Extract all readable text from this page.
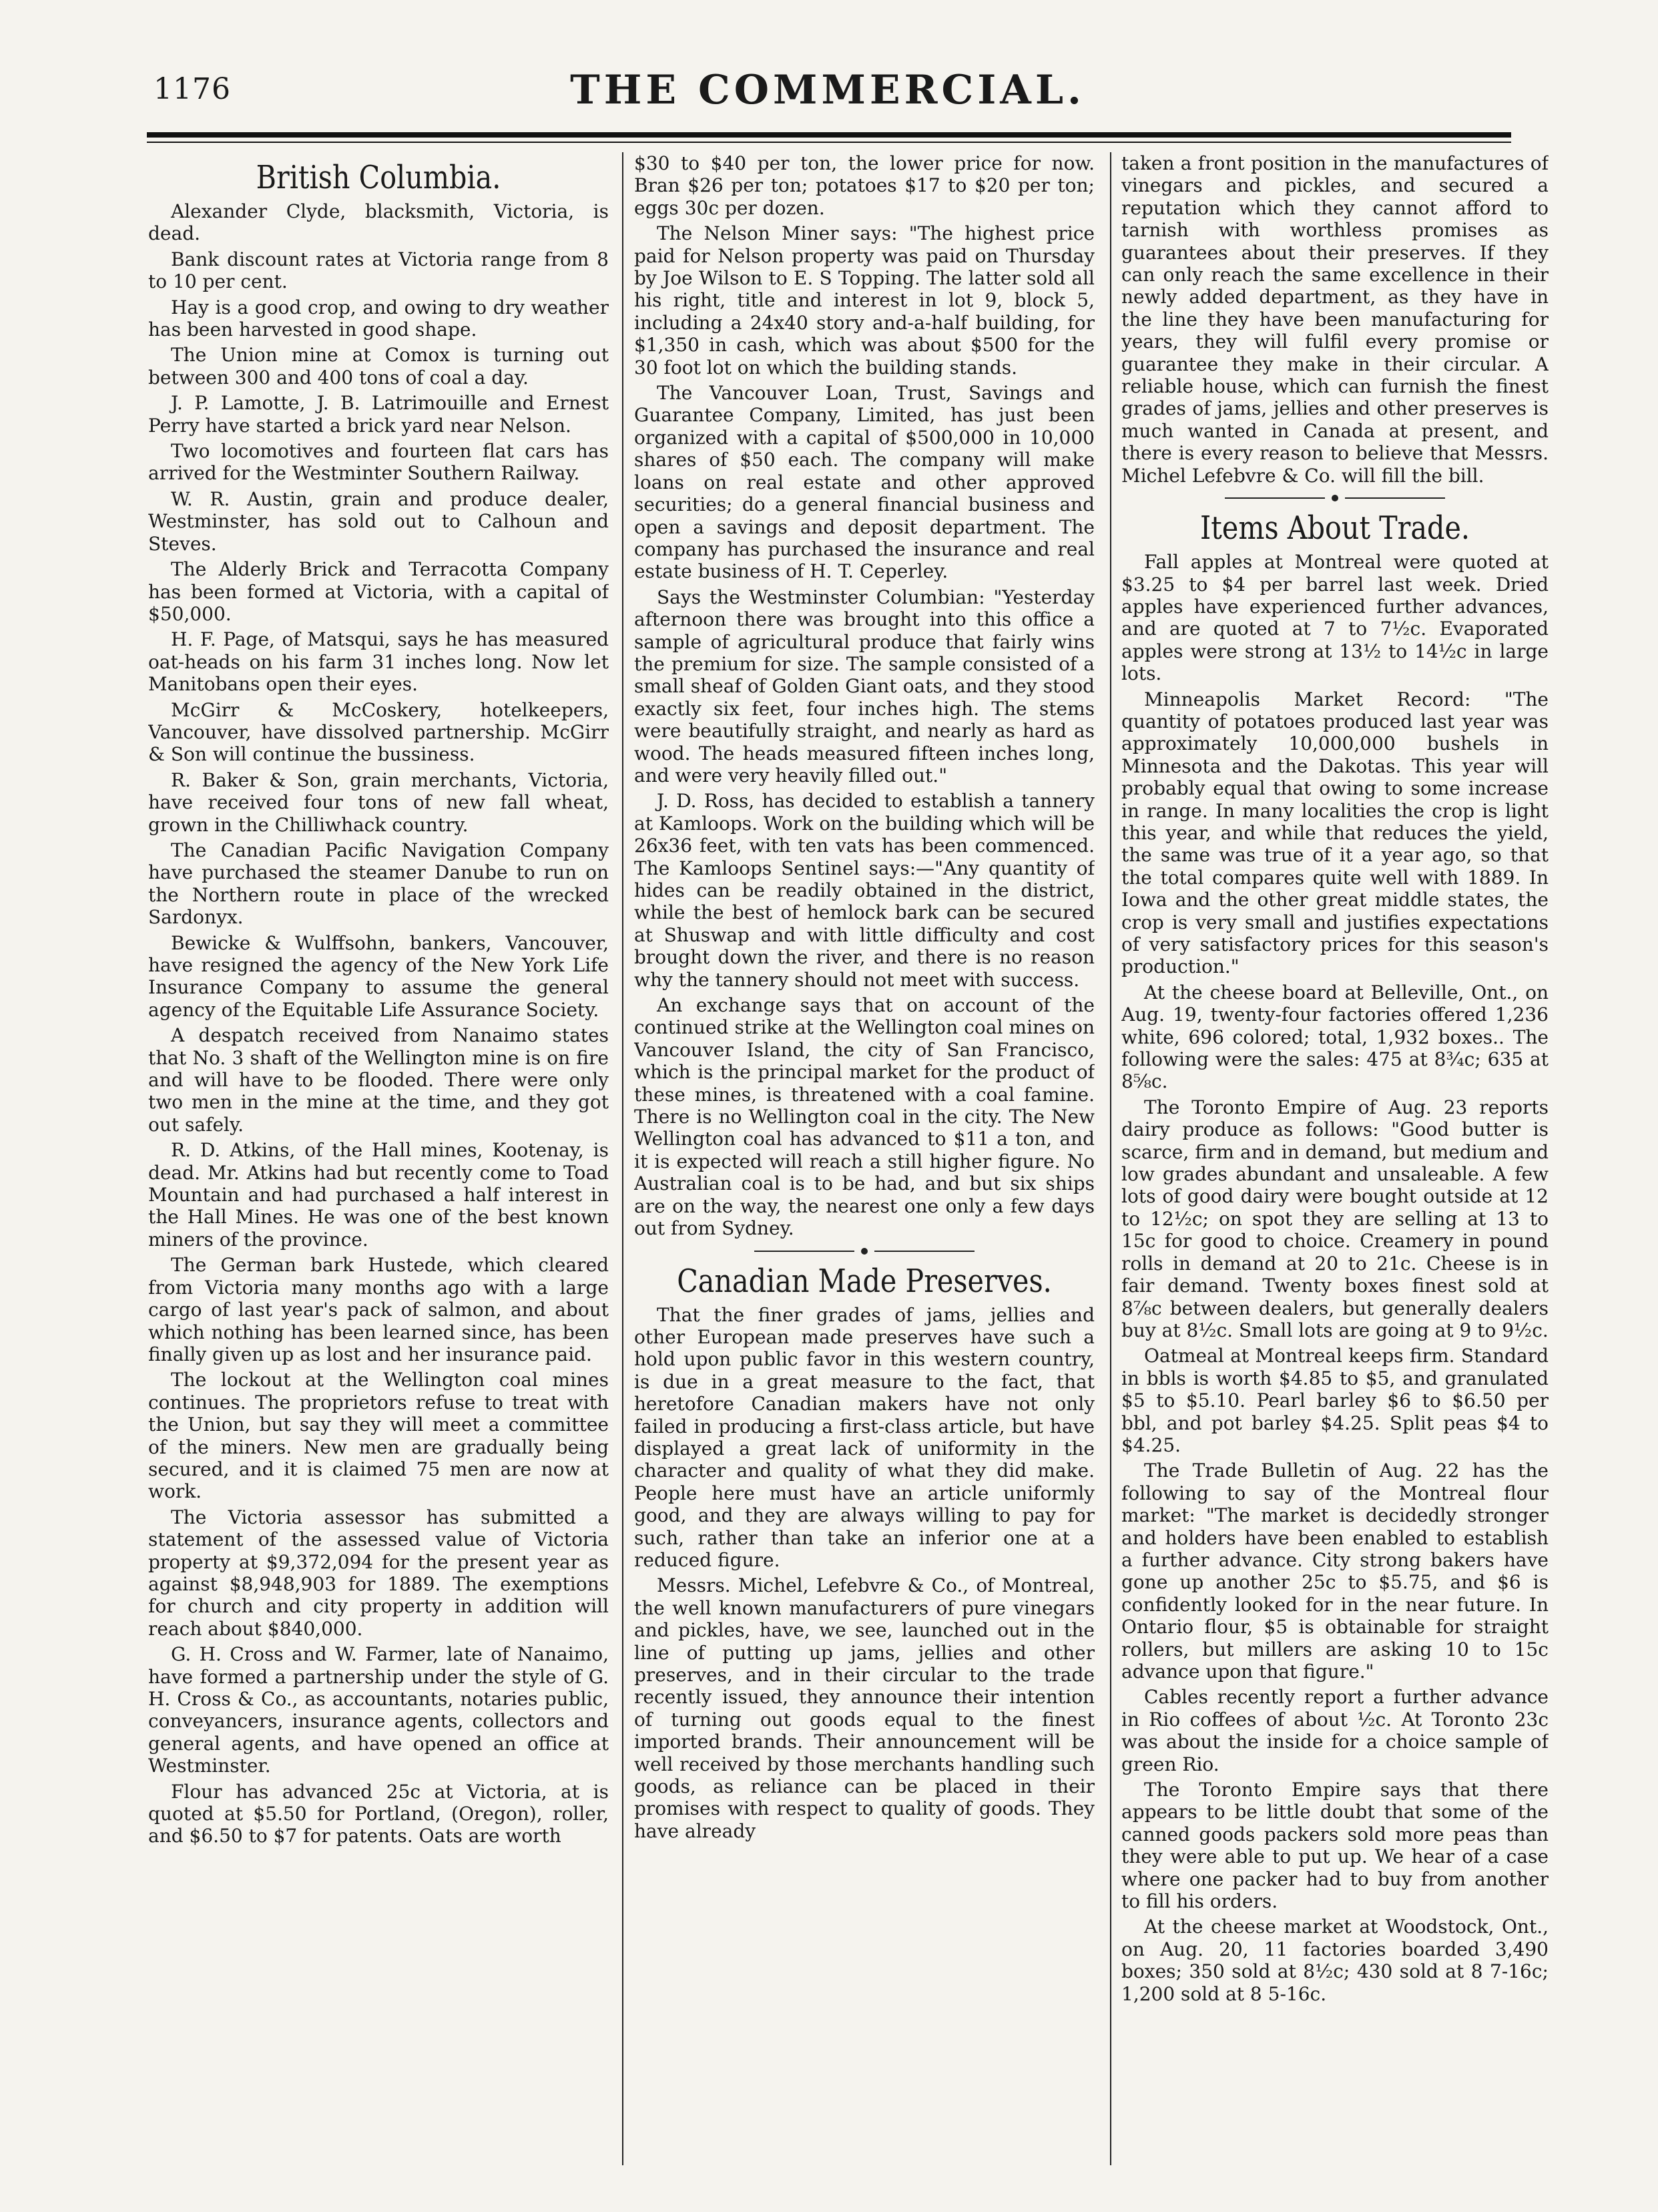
1176	THE COMMERCIAL.
British Columbia.

Alexander Clyde, blacksmith, Victoria, is dead.

Bank discount rates at Victoria range from 8 to 10 per cent.

Hay is a good crop, and owing to dry weather has been harvested in good shape.

The Union mine at Comox is turning out between 300 and 400 tons of coal a day.

J. P. Lamotte, J. B. Latrimouille and Ernest Perry have started a brick yard near Nelson.

Two locomotives and fourteen flat cars has arrived for the Westminter Southern Railway.

W. R. Austin, grain and produce dealer, Westminster, has sold out to Calhoun and Steves.

The Alderly Brick and Terracotta Company has been formed at Victoria, with a capital of $50,000.

H. F. Page, of Matsqui, says he has measured oat-heads on his farm 31 inches long. Now let Manitobans open their eyes.

McGirr & McCoskery, hotelkeepers, Vancouver, have dissolved partnership. McGirr & Son will continue the bussiness.

R. Baker & Son, grain merchants, Victoria, have received four tons of new fall wheat, grown in the Chilliwhack country.

The Canadian Pacific Navigation Company have purchased the steamer Danube to run on the Northern route in place of the wrecked Sardonyx.

Bewicke & Wulffsohn, bankers, Vancouver, have resigned the agency of the New York Life Insurance Company to assume the general agency of the Equitable Life Assurance Society.

A despatch received from Nanaimo states that No. 3 shaft of the Wellington mine is on fire and will have to be flooded. There were only two men in the mine at the time, and they got out safely.

R. D. Atkins, of the Hall mines, Kootenay, is dead. Mr. Atkins had but recently come to Toad Mountain and had purchased a half interest in the Hall Mines. He was one of the best known miners of the province.

The German bark Hustede, which cleared from Victoria many months ago with a large cargo of last year's pack of salmon, and about which nothing has been learned since, has been finally given up as lost and her insurance paid.

The lockout at the Wellington coal mines continues. The proprietors refuse to treat with the Union, but say they will meet a committee of the miners. New men are gradually being secured, and it is claimed 75 men are now at work.

The Victoria assessor has submitted a statement of the assessed value of Victoria property at $9,372,094 for the present year as against $8,948,903 for 1889. The exemptions for church and city property in addition will reach about $840,000.

G. H. Cross and W. Farmer, late of Nanaimo, have formed a partnership under the style of G. H. Cross & Co., as accountants, notaries public, conveyancers, insurance agents, collectors and general agents, and have opened an office at Westminster.

Flour has advanced 25c at Victoria, at is quoted at $5.50 for Portland, (Oregon), roller, and $6.50 to $7 for patents. Oats are worth

$30 to $40 per ton, the lower price for now. Bran $26 per ton; potatoes $17 to $20 per ton; eggs 30c per dozen.

The Nelson Miner says: "The highest price paid for Nelson property was paid on Thursday by Joe Wilson to E. S Topping. The latter sold all his right, title and interest in lot 9, block 5, including a 24x40 story and-a-half building, for $1,350 in cash, which was about $500 for the 30 foot lot on which the building stands.

The Vancouver Loan, Trust, Savings and Guarantee Company, Limited, has just been organized with a capital of $500,000 in 10,000 shares of $50 each. The company will make loans on real estate and other approved securities; do a general financial business and open a savings and deposit department. The company has purchased the insurance and real estate business of H. T. Ceperley.

Says the Westminster Columbian: "Yesterday afternoon there was brought into this office a sample of agricultural produce that fairly wins the premium for size. The sample consisted of a small sheaf of Golden Giant oats, and they stood exactly six feet, four inches high. The stems were beautifully straight, and nearly as hard as wood. The heads measured fifteen inches long, and were very heavily filled out."

J. D. Ross, has decided to establish a tannery at Kamloops. Work on the building which will be 26x36 feet, with ten vats has been commenced. The Kamloops Sentinel says:—"Any quantity of hides can be readily obtained in the district, while the best of hemlock bark can be secured at Shuswap and with little difficulty and cost brought down the river, and there is no reason why the tannery should not meet with success.

An exchange says that on account of the continued strike at the Wellington coal mines on Vancouver Island, the city of San Francisco, which is the principal market for the product of these mines, is threatened with a coal famine. There is no Wellington coal in the city. The New Wellington coal has advanced to $11 a ton, and it is expected will reach a still higher figure. No Australian coal is to be had, and but six ships are on the way, the nearest one only a few days out from Sydney.

Canadian Made Preserves.

That the finer grades of jams, jellies and other European made preserves have such a hold upon public favor in this western country, is due in a great measure to the fact, that heretofore Canadian makers have not only failed in producing a first-class article, but have displayed a great lack of uniformity in the character and quality of what they did make. People here must have an article uniformly good, and they are always willing to pay for such, rather than take an inferior one at a reduced figure.

Messrs. Michel, Lefebvre & Co., of Montreal, the well known manufacturers of pure vinegars and pickles, have, we see, launched out in the line of putting up jams, jellies and other preserves, and in their circular to the trade recently issued, they announce their intention of turning out goods equal to the finest imported brands. Their announcement will be well received by those merchants handling such goods, as reliance can be placed in their promises with respect to quality of goods. They have already

taken a front position in the manufactures of vinegars and pickles, and secured a reputation which they cannot afford to tarnish with worthless promises as guarantees about their preserves. If they can only reach the same excellence in their newly added department, as they have in the line they have been manufacturing for years, they will fulfil every promise or guarantee they make in their circular. A reliable house, which can furnish the finest grades of jams, jellies and other preserves is much wanted in Canada at present, and there is every reason to believe that Messrs. Michel Lefebvre & Co. will fill the bill.

Items About Trade.

Fall apples at Montreal were quoted at $3.25 to $4 per barrel last week. Dried apples have experienced further advances, and are quoted at 7 to 7½c. Evaporated apples were strong at 13½ to 14½c in large lots.

Minneapolis Market Record: "The quantity of potatoes produced last year was approximately 10,000,000 bushels in Minnesota and the Dakotas. This year will probably equal that owing to some increase in range. In many localities the crop is light this year, and while that reduces the yield, the same was true of it a year ago, so that the total compares quite well with 1889. In Iowa and the other great middle states, the crop is very small and justifies expectations of very satisfactory prices for this season's production."

At the cheese board at Belleville, Ont., on Aug. 19, twenty-four factories offered 1,236 white, 696 colored; total, 1,932 boxes.. The following were the sales: 475 at 8¾c; 635 at 8⅝c.

The Toronto Empire of Aug. 23 reports dairy produce as follows: "Good butter is scarce, firm and in demand, but medium and low grades abundant and unsaleable. A few lots of good dairy were bought outside at 12 to 12½c; on spot they are selling at 13 to 15c for good to choice. Creamery in pound rolls in demand at 20 to 21c. Cheese is in fair demand. Twenty boxes finest sold at 8⅞c between dealers, but generally dealers buy at 8½c. Small lots are going at 9 to 9½c.

Oatmeal at Montreal keeps firm. Standard in bbls is worth $4.85 to $5, and granulated $5 to $5.10. Pearl barley $6 to $6.50 per bbl, and pot barley $4.25. Split peas $4 to $4.25.

The Trade Bulletin of Aug. 22 has the following to say of the Montreal flour market: "The market is decidedly stronger and holders have been enabled to establish a further advance. City strong bakers have gone up another 25c to $5.75, and $6 is confidently looked for in the near future. In Ontario flour, $5 is obtainable for straight rollers, but millers are asking 10 to 15c advance upon that figure."

Cables recently report a further advance in Rio coffees of about ½c. At Toronto 23c was about the inside for a choice sample of green Rio.

The Toronto Empire says that there appears to be little doubt that some of the canned goods packers sold more peas than they were able to put up. We hear of a case where one packer had to buy from another to fill his orders.

At the cheese market at Woodstock, Ont., on Aug. 20, 11 factories boarded 3,490 boxes; 350 sold at 8½c; 430 sold at 8 7-16c; 1,200 sold at 8 5-16c.
